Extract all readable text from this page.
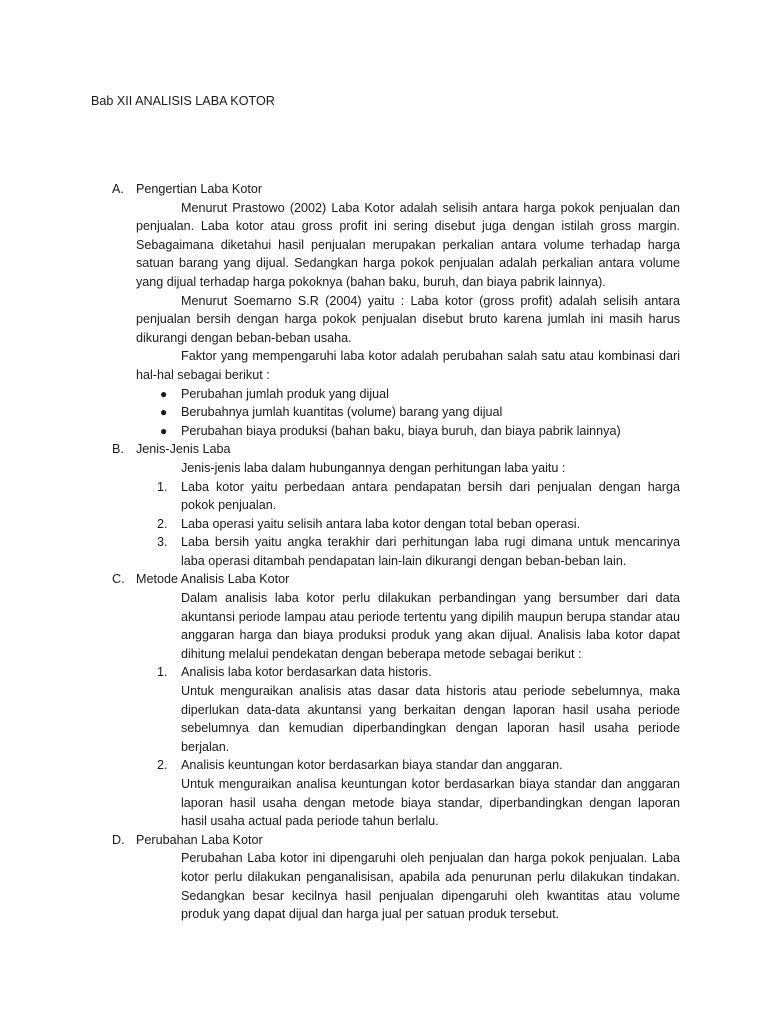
Bab XII ANALISIS LABA KOTOR
A. Pengertian Laba Kotor
Menurut Prastowo (2002) Laba Kotor adalah selisih antara harga pokok penjualan dan penjualan. Laba kotor atau gross profit ini sering disebut juga dengan istilah gross margin. Sebagaimana diketahui hasil penjualan merupakan perkalian antara volume terhadap harga satuan barang yang dijual. Sedangkan harga pokok penjualan adalah perkalian antara volume yang dijual terhadap harga pokoknya (bahan baku, buruh, dan biaya pabrik lainnya).
Menurut Soemarno S.R (2004) yaitu : Laba kotor (gross profit) adalah selisih antara penjualan bersih dengan harga pokok penjualan disebut bruto karena jumlah ini masih harus dikurangi dengan beban-beban usaha.
Faktor yang mempengaruhi laba kotor adalah perubahan salah satu atau kombinasi dari hal-hal sebagai berikut :
● Perubahan jumlah produk yang dijual
● Berubahnya jumlah kuantitas (volume) barang yang dijual
● Perubahan biaya produksi (bahan baku, biaya buruh, dan biaya pabrik lainnya)
B. Jenis-Jenis Laba
Jenis-jenis laba dalam hubungannya dengan perhitungan laba yaitu :
1. Laba kotor yaitu perbedaan antara pendapatan bersih dari penjualan dengan harga pokok penjualan.
2. Laba operasi yaitu selisih antara laba kotor dengan total beban operasi.
3. Laba bersih yaitu angka terakhir dari perhitungan laba rugi dimana untuk mencarinya laba operasi ditambah pendapatan lain-lain dikurangi dengan beban-beban lain.
C. Metode Analisis Laba Kotor
Dalam analisis laba kotor perlu dilakukan perbandingan yang bersumber dari data akuntansi periode lampau atau periode tertentu yang dipilih maupun berupa standar atau anggaran harga dan biaya produksi produk yang akan dijual. Analisis laba kotor dapat dihitung melalui pendekatan dengan beberapa metode sebagai berikut :
1. Analisis laba kotor berdasarkan data historis.
Untuk menguraikan analisis atas dasar data historis atau periode sebelumnya, maka diperlukan data-data akuntansi yang berkaitan dengan laporan hasil usaha periode sebelumnya dan kemudian diperbandingkan dengan laporan hasil usaha periode berjalan.
2. Analisis keuntungan kotor berdasarkan biaya standar dan anggaran.
Untuk menguraikan analisa keuntungan kotor berdasarkan biaya standar dan anggaran laporan hasil usaha dengan metode biaya standar, diperbandingkan dengan laporan hasil usaha actual pada periode tahun berlalu.
D. Perubahan Laba Kotor
Perubahan Laba kotor ini dipengaruhi oleh penjualan dan harga pokok penjualan. Laba kotor perlu dilakukan penganalisisan, apabila ada penurunan perlu dilakukan tindakan. Sedangkan besar kecilnya hasil penjualan dipengaruhi oleh kwantitas atau volume produk yang dapat dijual dan harga jual per satuan produk tersebut.
